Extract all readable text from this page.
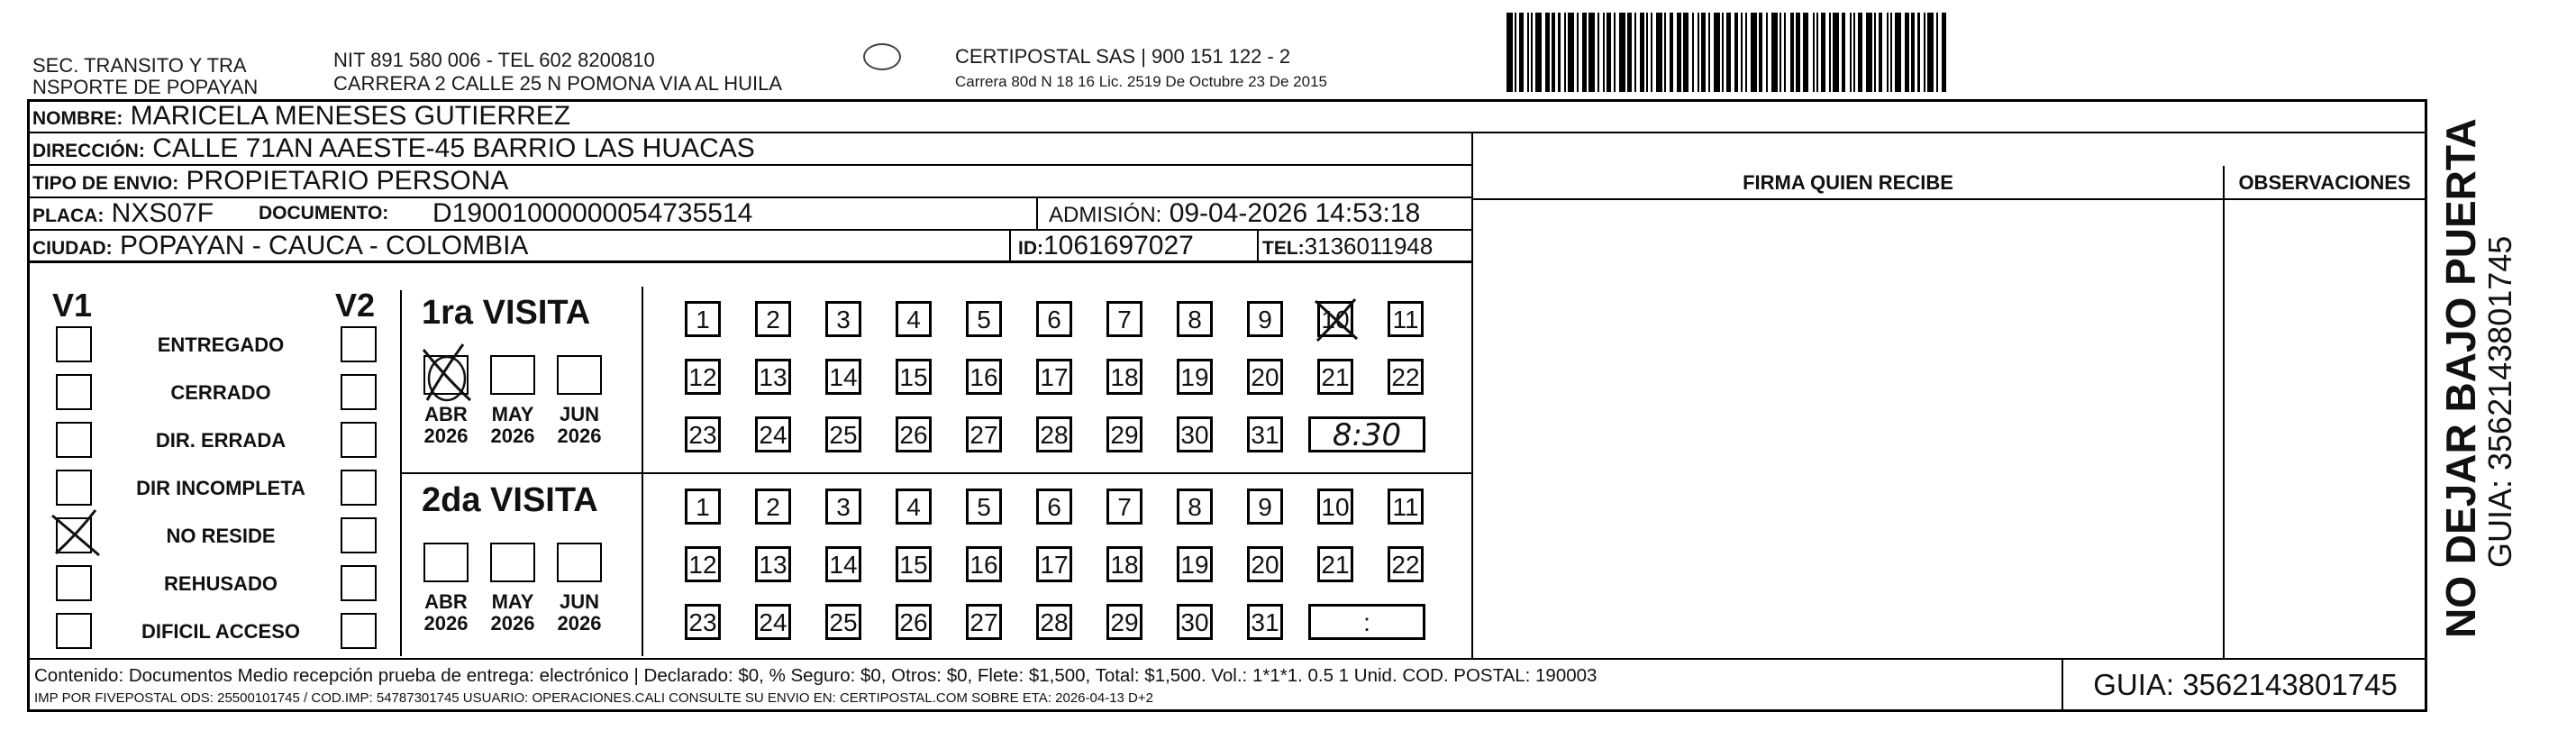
SEC. TRANSITO Y TRA
NSPORTE DE POPAYAN
NIT 891 580 006 - TEL 602 8200810
CARRERA 2 CALLE 25 N POMONA VIA AL HUILA
CERTIPOSTAL SAS | 900 151 122 - 2
Carrera 80d N 18 16 Lic. 2519 De Octubre 23 De 2015
NOMBRE: MARICELA MENESES GUTIERREZ
DIRECCIÓN: CALLE 71AN AAESTE-45 BARRIO LAS HUACAS
TIPO DE ENVIO: PROPIETARIO PERSONA
PLACA: NXS07F DOCUMENTO: D19001000000054735514	ADMISIÓN: 09-04-2026 14:53:18
CIUDAD: POPAYAN - CAUCA - COLOMBIA	ID:1061697027	TEL:3136011948
FIRMA QUIEN RECIBE	OBSERVACIONES
V1	V2
ENTREGADO
CERRADO
DIR. ERRADA
DIR INCOMPLETA
NO RESIDE
REHUSADO
DIFICIL ACCESO
1ra VISITA
ABR
2026
MAY
2026
JUN
2026
1	2	3	4	5	6	7	8	9	10 11
12 13 14 15 16 17 18 19 20 21 22
23 24 25 26 27 28 29 30 31	8:30
2da VISITA
ABR
2026
MAY
2026
JUN
2026
1	2	3	4	5	6	7	8	9	10 11
12 13 14 15 16 17 18 19 20 21 22
23 24 25 26 27 28 29 30 31	:
Contenido: Documentos Medio recepción prueba de entrega: electrónico | Declarado: $0, % Seguro: $0, Otros: $0, Flete: $1,500, Total: $1,500. Vol.: 1*1*1. 0.5 1 Unid. COD. POSTAL: 190003
IMP POR FIVEPOSTAL ODS: 25500101745 / COD.IMP: 54787301745 USUARIO: OPERACIONES.CALI CONSULTE SU ENVIO EN: CERTIPOSTAL.COM SOBRE ETA: 2026-04-13 D+2	GUIA: 3562143801745
NO DEJAR BAJO PUERTA
GUIA: 3562143801745
